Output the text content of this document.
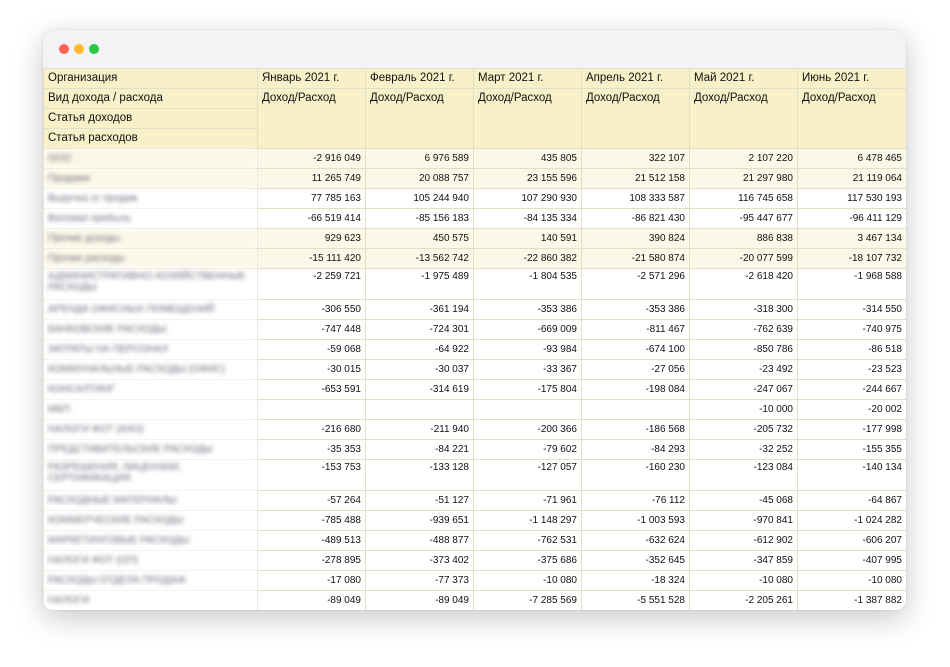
Организация	Январь 2021 г.	Февраль 2021 г.	Март 2021 г.	Апрель 2021 г.	Май 2021 г.	Июнь 2021 г.
Вид дохода / расхода	Доход/Расход	Доход/Расход	Доход/Расход	Доход/Расход	Доход/Расход	Доход/Расход
Статья доходов						
Статья расходов						
ООО	-2 916 049	6 976 589	435 805	322 107	2 107 220	6 478 465
Продажи	11 265 749	20 088 757	23 155 596	21 512 158	21 297 980	21 119 064
Выручка от продаж	77 785 163	105 244 940	107 290 930	108 333 587	116 745 658	117 530 193
Валовая прибыль	-66 519 414	-85 156 183	-84 135 334	-86 821 430	-95 447 677	-96 411 129
Прочие доходы	929 623	450 575	140 591	390 824	886 838	3 467 134
Прочие расходы	-15 111 420	-13 562 742	-22 860 382	-21 580 874	-20 077 599	-18 107 732
АДМИНИСТРАТИВНО-ХОЗЯЙСТВЕННЫЕ РАСХОДЫ	-2 259 721	-1 975 489	-1 804 535	-2 571 296	-2 618 420	-1 968 588
АРЕНДА ОФИСНЫХ ПОМЕЩЕНИЙ	-306 550	-361 194	-353 386	-353 386	-318 300	-314 550
БАНКОВСКИЕ РАСХОДЫ	-747 448	-724 301	-669 009	-811 467	-762 639	-740 975
ЗАТРАТЫ НА ПЕРСОНАЛ	-59 068	-64 922	-93 984	-674 100	-850 786	-86 518
КОММУНАЛЬНЫЕ РАСХОДЫ (ОФИС)	-30 015	-30 037	-33 367	-27 056	-23 492	-23 523
КОНСАЛТИНГ	-653 591	-314 619	-175 804	-198 084	-247 067	-244 667
МБП					-10 000	-20 002
НАЛОГИ ФОТ (АХО)	-216 680	-211 940	-200 366	-186 568	-205 732	-177 998
ПРЕДСТАВИТЕЛЬСКИЕ РАСХОДЫ	-35 353	-84 221	-79 602	-84 293	-32 252	-155 355
РАЗРЕШЕНИЯ, ЛИЦЕНЗИИ, СЕРТИФИКАЦИЯ	-153 753	-133 128	-127 057	-160 230	-123 084	-140 134
РАСХОДНЫЕ МАТЕРИАЛЫ	-57 264	-51 127	-71 961	-76 112	-45 068	-64 867
КОММЕРЧЕСКИЕ РАСХОДЫ	-785 488	-939 651	-1 148 297	-1 003 593	-970 841	-1 024 282
МАРКЕТИНГОВЫЕ РАСХОДЫ	-489 513	-488 877	-762 531	-632 624	-612 902	-606 207
НАЛОГИ ФОТ (ОП)	-278 895	-373 402	-375 686	-352 645	-347 859	-407 995
РАСХОДЫ ОТДЕЛА ПРОДАЖ	-17 080	-77 373	-10 080	-18 324	-10 080	-10 080
НАЛОГИ	-89 049	-89 049	-7 285 569	-5 551 528	-2 205 261	-1 387 882
